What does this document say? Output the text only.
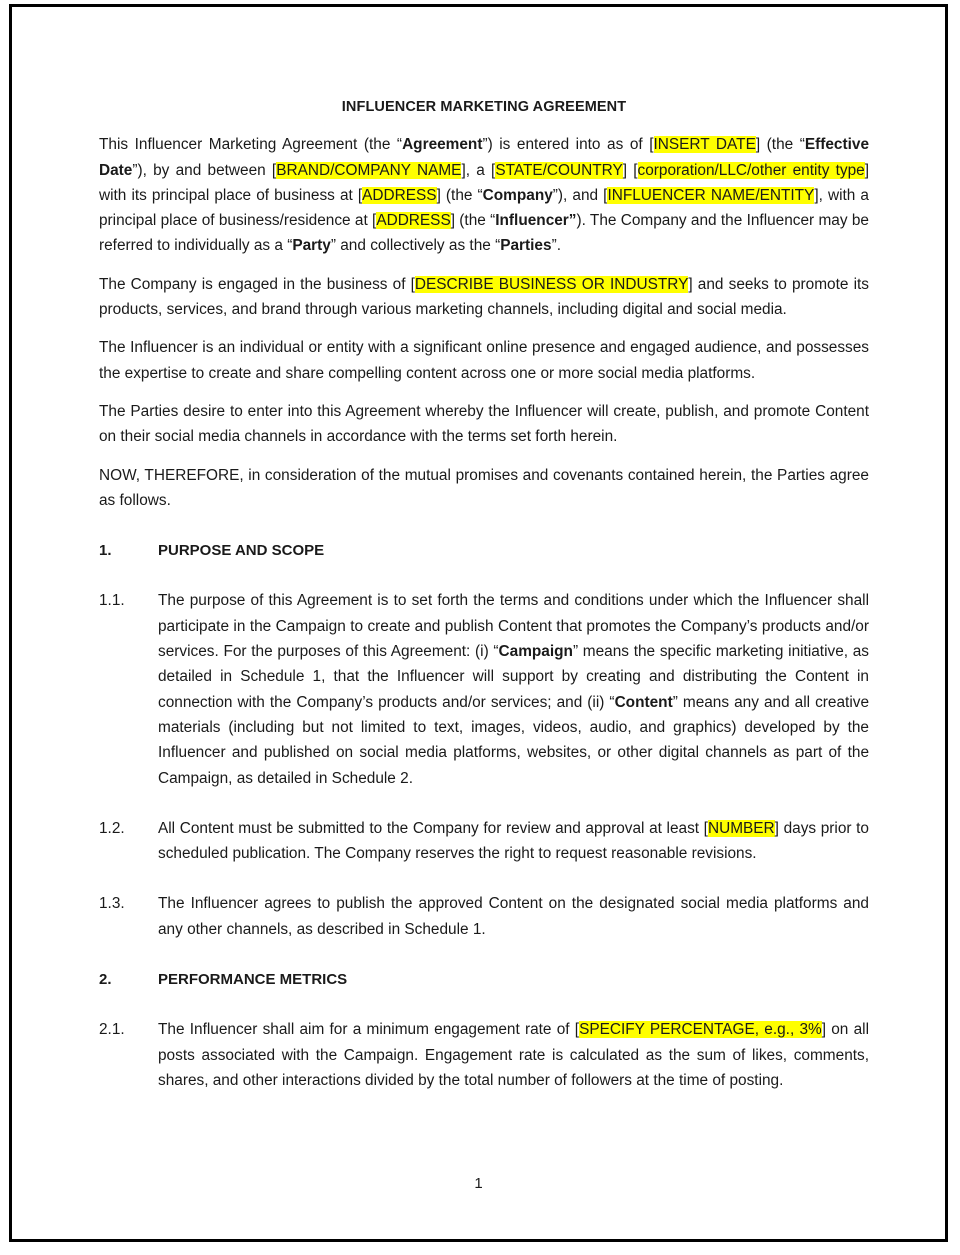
INFLUENCER MARKETING AGREEMENT

This Influencer Marketing Agreement (the “Agreement”) is entered into as of [INSERT DATE] (the “Effective Date”), by and between [BRAND/COMPANY NAME], a [STATE/COUNTRY] [corporation/LLC/other entity type] with its principal place of business at [ADDRESS] (the “Company”), and [INFLUENCER NAME/ENTITY], with a principal place of business/residence at [ADDRESS] (the “Influencer”). The Company and the Influencer may be referred to individually as a “Party” and collectively as the “Parties”.

The Company is engaged in the business of [DESCRIBE BUSINESS OR INDUSTRY] and seeks to promote its products, services, and brand through various marketing channels, including digital and social media.

The Influencer is an individual or entity with a significant online presence and engaged audience, and possesses the expertise to create and share compelling content across one or more social media platforms.

The Parties desire to enter into this Agreement whereby the Influencer will create, publish, and promote Content on their social media channels in accordance with the terms set forth herein.

NOW, THEREFORE, in consideration of the mutual promises and covenants contained herein, the Parties agree as follows.

1.	PURPOSE AND SCOPE
1.1.	The purpose of this Agreement is to set forth the terms and conditions under which the Influencer shall participate in the Campaign to create and publish Content that promotes the Company’s products and/or services. For the purposes of this Agreement: (i) “Campaign” means the specific marketing initiative, as detailed in Schedule 1, that the Influencer will support by creating and distributing the Content in connection with the Company’s products and/or services; and (ii) “Content” means any and all creative materials (including but not limited to text, images, videos, audio, and graphics) developed by the Influencer and published on social media platforms, websites, or other digital channels as part of the Campaign, as detailed in Schedule 2.
1.2.	All Content must be submitted to the Company for review and approval at least [NUMBER] days prior to scheduled publication. The Company reserves the right to request reasonable revisions.
1.3.	The Influencer agrees to publish the approved Content on the designated social media platforms and any other channels, as described in Schedule 1.
2.	PERFORMANCE METRICS
2.1.	The Influencer shall aim for a minimum engagement rate of [SPECIFY PERCENTAGE, e.g., 3%] on all posts associated with the Campaign. Engagement rate is calculated as the sum of likes, comments, shares, and other interactions divided by the total number of followers at the time of posting.
1
